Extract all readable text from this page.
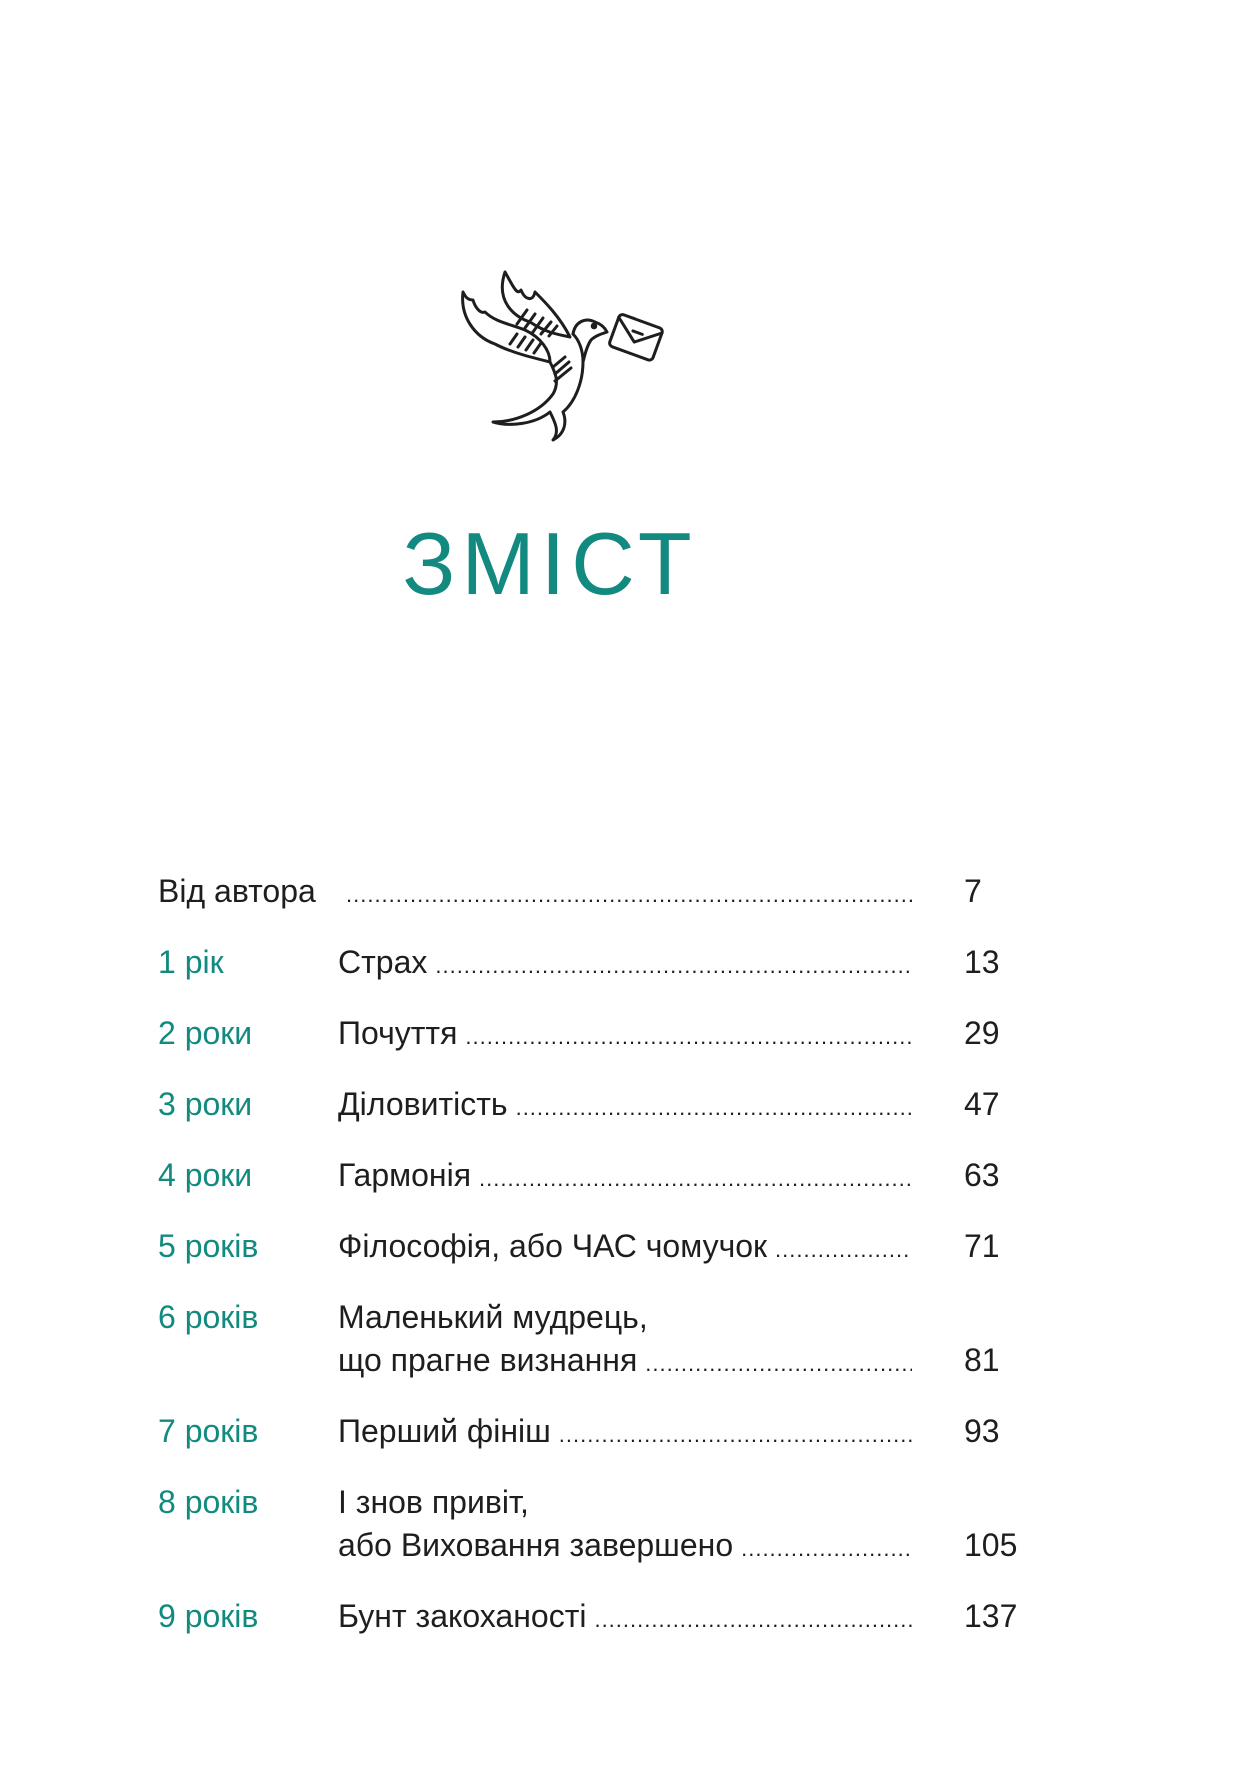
ЗМІСТ
Від автора .....	7
1 рік	Страх .....	13
2 роки	Почуття .....	29
3 роки	Діловитість .....	47
4 роки	Гармонія .....	63
5 років Філософія, або ЧАС чомучок .....	71
6 років Маленький мудрець,
що прагне визнання .....	81
7 років Перший фініш .....	93
8 років І знов привіт,
або Виховання завершено .....	105
9 років Бунт закоханості .....	137
